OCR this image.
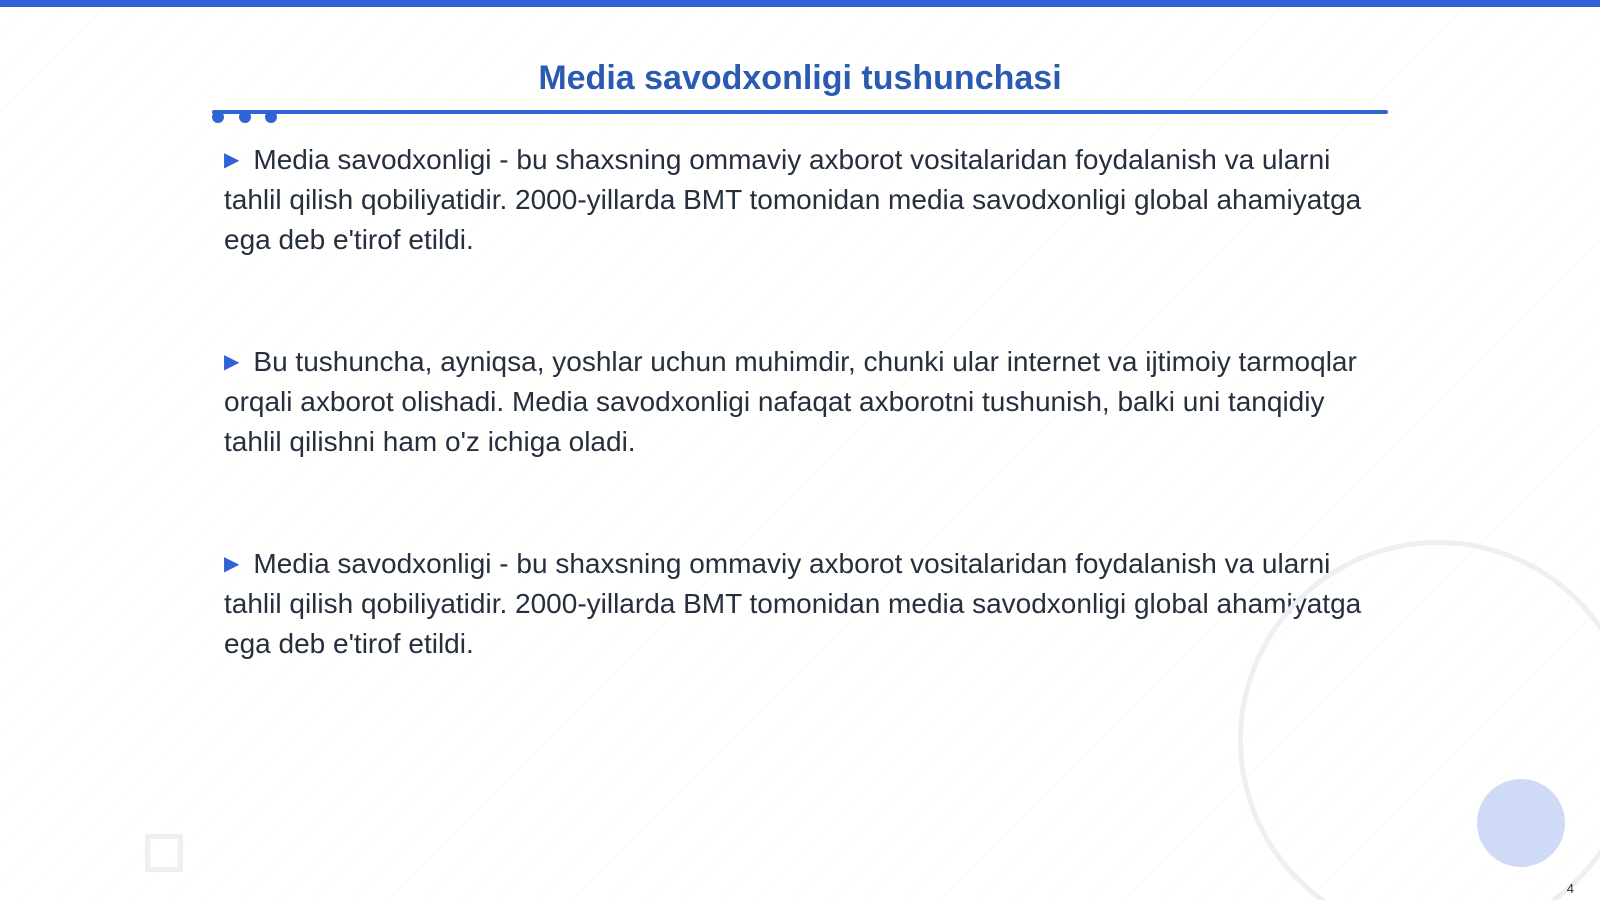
Media savodxonligi tushunchasi

▶ Media savodxonligi - bu shaxsning ommaviy axborot vositalaridan foydalanish va ularni tahlil qilish qobiliyatidir. 2000-yillarda BMT tomonidan media savodxonligi global ahamiyatga ega deb e'tirof etildi.

▶ Bu tushuncha, ayniqsa, yoshlar uchun muhimdir, chunki ular internet va ijtimoiy tarmoqlar orqali axborot olishadi. Media savodxonligi nafaqat axborotni tushunish, balki uni tanqidiy tahlil qilishni ham o'z ichiga oladi.

▶ Media savodxonligi - bu shaxsning ommaviy axborot vositalaridan foydalanish va ularni tahlil qilish qobiliyatidir. 2000-yillarda BMT tomonidan media savodxonligi global ahamiyatga ega deb e'tirof etildi.

4
